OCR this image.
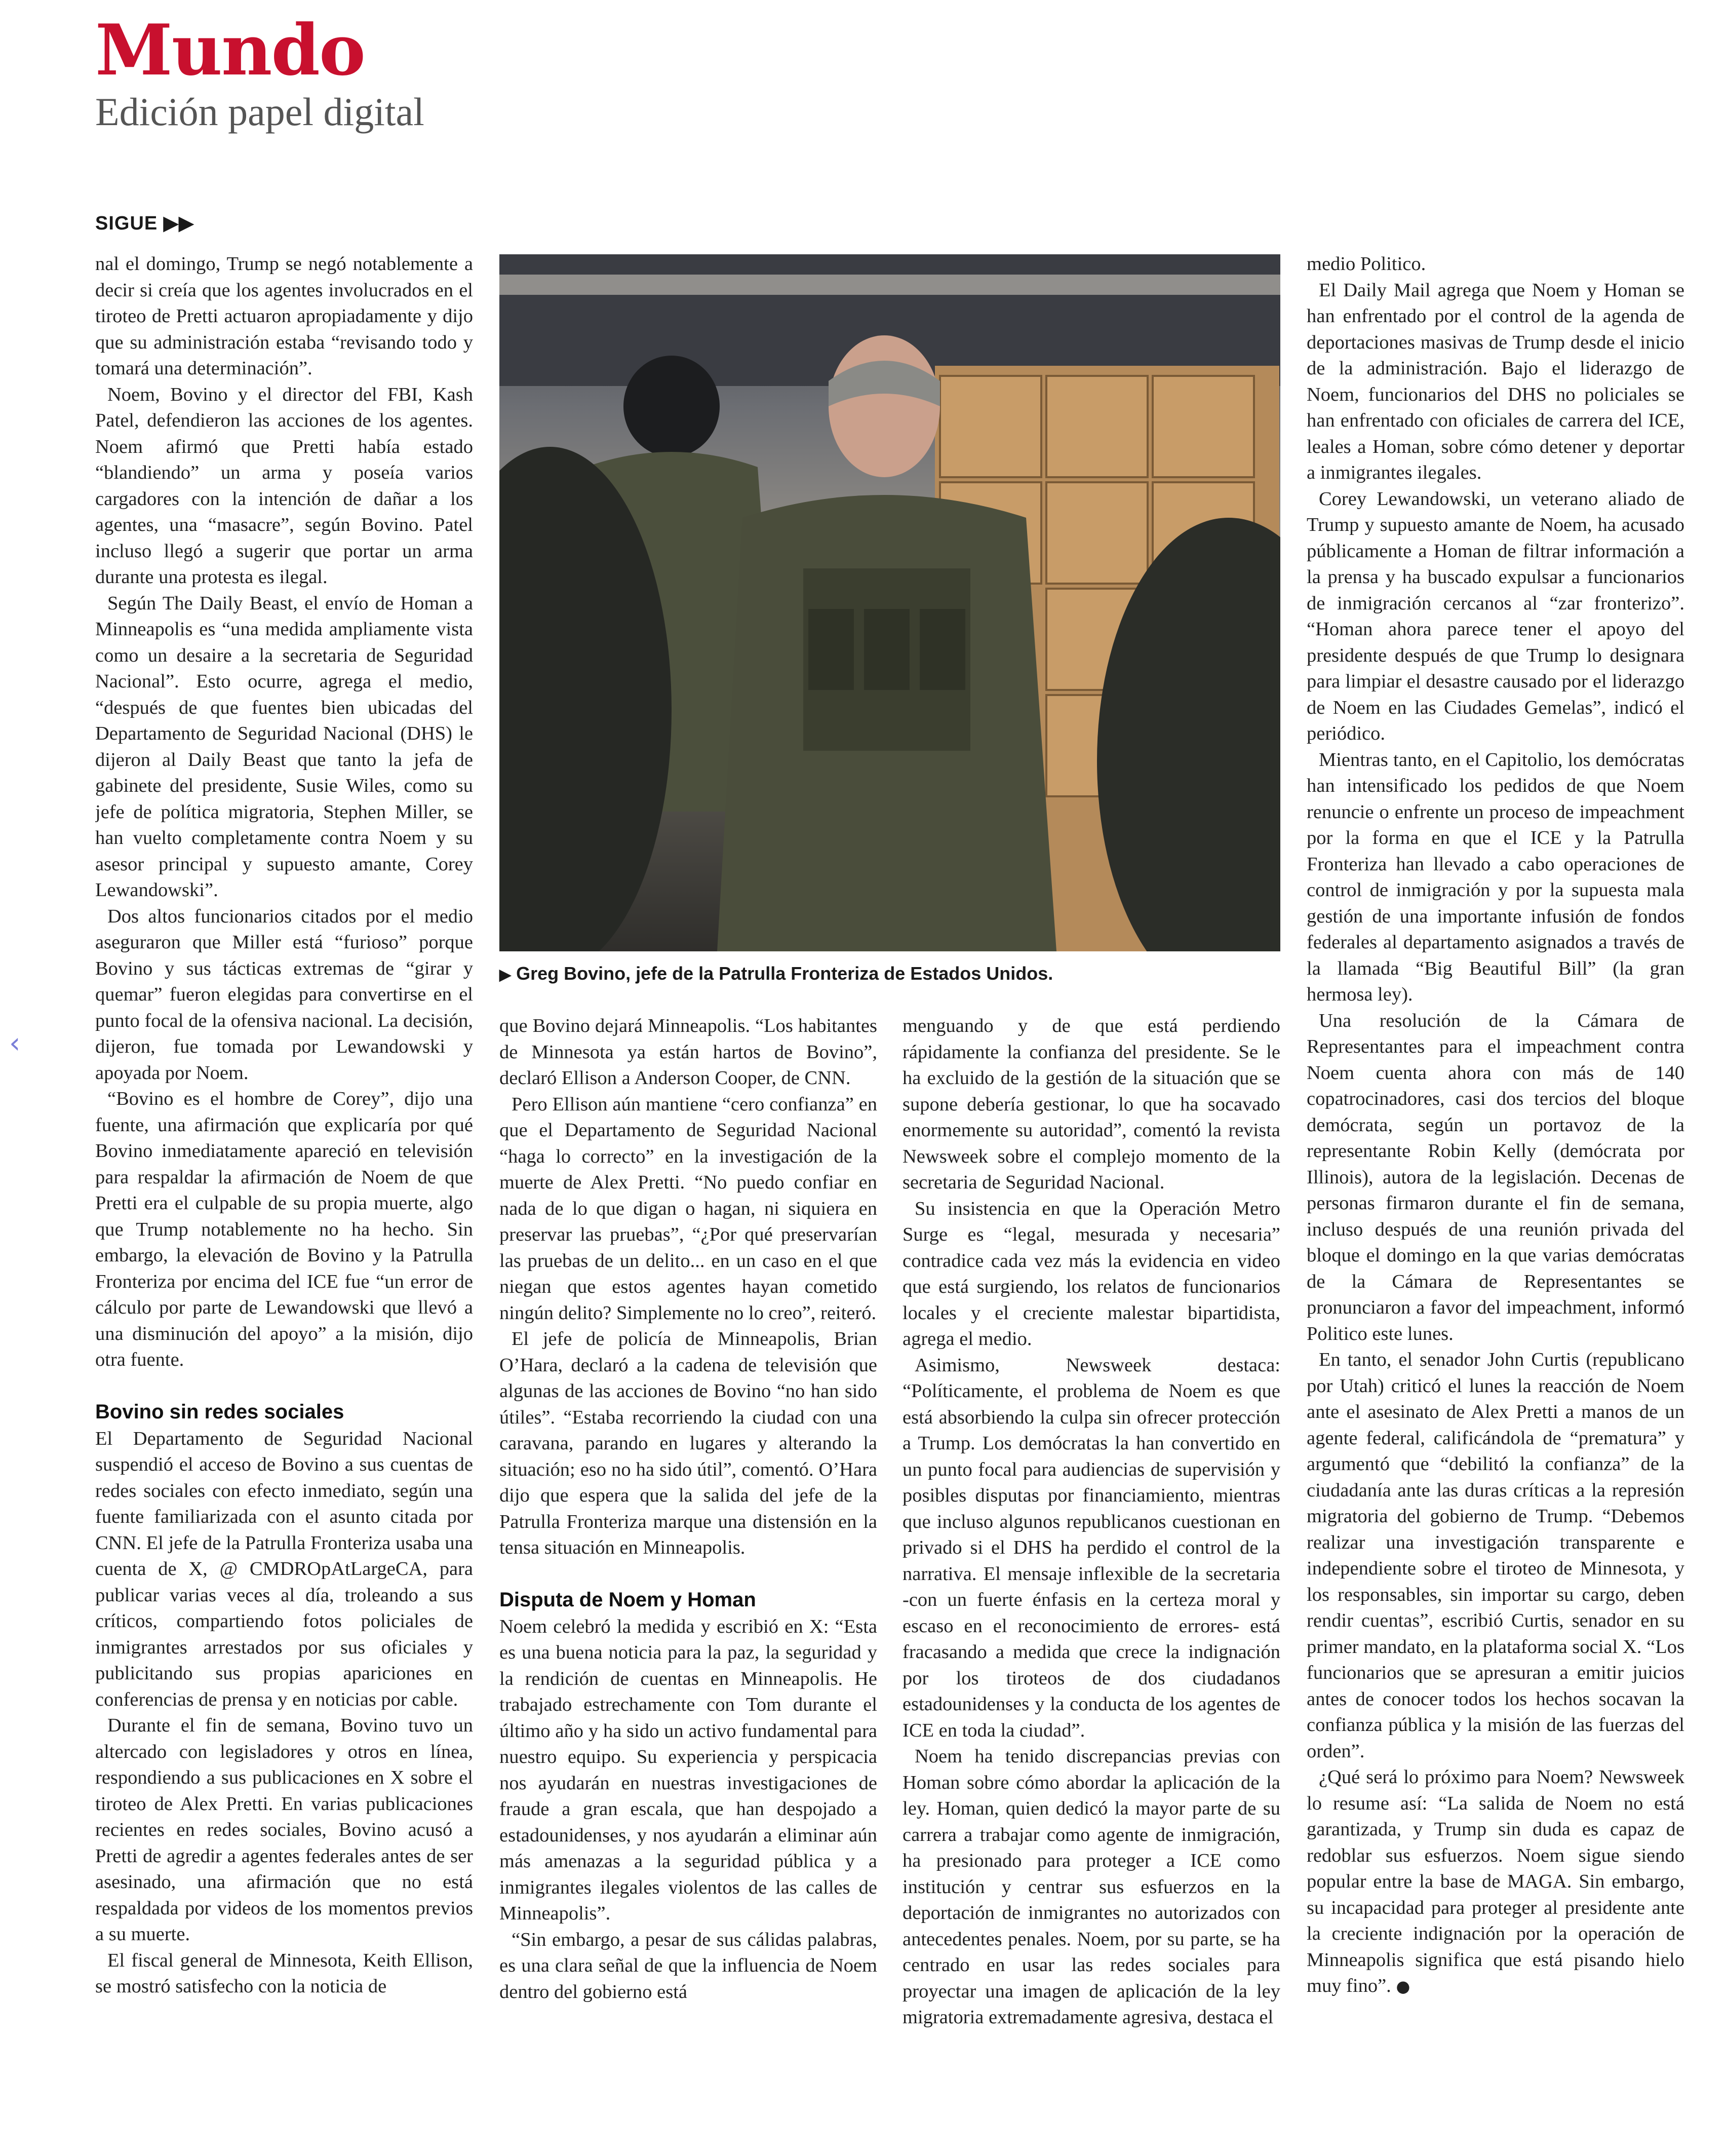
Mundo
Edición papel digital
SIGUE ▶▶
‹

nal el domingo, Trump se negó notablemente a decir si creía que los agentes involucrados en el tiroteo de Pretti actuaron apropiadamente y dijo que su administración estaba “revisando todo y tomará una determinación”.

Noem, Bovino y el director del FBI, Kash Patel, defendieron las acciones de los agentes. Noem afirmó que Pretti había estado “blandiendo” un arma y poseía varios cargadores con la intención de dañar a los agentes, una “masacre”, según Bovino. Patel incluso llegó a sugerir que portar un arma durante una protesta es ilegal.

Según The Daily Beast, el envío de Homan a Minneapolis es “una medida ampliamente vista como un desaire a la secretaria de Seguridad Nacional”. Esto ocurre, agrega el medio, “después de que fuentes bien ubicadas del Departamento de Seguridad Nacional (DHS) le dijeron al Daily Beast que tanto la jefa de gabinete del presidente, Susie Wiles, como su jefe de política migratoria, Stephen Miller, se han vuelto completamente contra Noem y su asesor principal y supuesto amante, Corey Lewandowski”.

Dos altos funcionarios citados por el medio aseguraron que Miller está “furioso” porque Bovino y sus tácticas extremas de “girar y quemar” fueron elegidas para convertirse en el punto focal de la ofensiva nacional. La decisión, dijeron, fue tomada por Lewandowski y apoyada por Noem.

“Bovino es el hombre de Corey”, dijo una fuente, una afirmación que explicaría por qué Bovino inmediatamente apareció en televisión para respaldar la afirmación de Noem de que Pretti era el culpable de su propia muerte, algo que Trump notablemente no ha hecho. Sin embargo, la elevación de Bovino y la Patrulla Fronteriza por encima del ICE fue “un error de cálculo por parte de Lewandowski que llevó a una disminución del apoyo” a la misión, dijo otra fuente.

Bovino sin redes sociales

El Departamento de Seguridad Nacional suspendió el acceso de Bovino a sus cuentas de redes sociales con efecto inmediato, según una fuente familiarizada con el asunto citada por CNN. El jefe de la Patrulla Fronteriza usaba una cuenta de X, @ CMDROpAtLargeCA, para publicar varias veces al día, troleando a sus críticos, compartiendo fotos policiales de inmigrantes arrestados por sus oficiales y publicitando sus propias apariciones en conferencias de prensa y en noticias por cable.

Durante el fin de semana, Bovino tuvo un altercado con legisladores y otros en línea, respondiendo a sus publicaciones en X sobre el tiroteo de Alex Pretti. En varias publicaciones recientes en redes sociales, Bovino acusó a Pretti de agredir a agentes federales antes de ser asesinado, una afirmación que no está respaldada por videos de los momentos previos a su muerte.

El fiscal general de Minnesota, Keith Ellison, se mostró satisfecho con la noticia de

▶ Greg Bovino, jefe de la Patrulla Fronteriza de Estados Unidos.

que Bovino dejará Minneapolis. “Los habitantes de Minnesota ya están hartos de Bovino”, declaró Ellison a Anderson Cooper, de CNN.

Pero Ellison aún mantiene “cero confianza” en que el Departamento de Seguridad Nacional “haga lo correcto” en la investigación de la muerte de Alex Pretti. “No puedo confiar en nada de lo que digan o hagan, ni siquiera en preservar las pruebas”, “¿Por qué preservarían las pruebas de un delito... en un caso en el que niegan que estos agentes hayan cometido ningún delito? Simplemente no lo creo”, reiteró.

El jefe de policía de Minneapolis, Brian O’Hara, declaró a la cadena de televisión que algunas de las acciones de Bovino “no han sido útiles”. “Estaba recorriendo la ciudad con una caravana, parando en lugares y alterando la situación; eso no ha sido útil”, comentó. O’Hara dijo que espera que la salida del jefe de la Patrulla Fronteriza marque una distensión en la tensa situación en Minneapolis.

Disputa de Noem y Homan

Noem celebró la medida y escribió en X: “Esta es una buena noticia para la paz, la seguridad y la rendición de cuentas en Minneapolis. He trabajado estrechamente con Tom durante el último año y ha sido un activo fundamental para nuestro equipo. Su experiencia y perspicacia nos ayudarán en nuestras investigaciones de fraude a gran escala, que han despojado a estadounidenses, y nos ayudarán a eliminar aún más amenazas a la seguridad pública y a inmigrantes ilegales violentos de las calles de Minneapolis”.

“Sin embargo, a pesar de sus cálidas palabras, es una clara señal de que la influencia de Noem dentro del gobierno está

menguando y de que está perdiendo rápidamente la confianza del presidente. Se le ha excluido de la gestión de la situación que se supone debería gestionar, lo que ha socavado enormemente su autoridad”, comentó la revista Newsweek sobre el complejo momento de la secretaria de Seguridad Nacional.

Su insistencia en que la Operación Metro Surge es “legal, mesurada y necesaria” contradice cada vez más la evidencia en video que está surgiendo, los relatos de funcionarios locales y el creciente malestar bipartidista, agrega el medio.

Asimismo, Newsweek destaca: “Políticamente, el problema de Noem es que está absorbiendo la culpa sin ofrecer protección a Trump. Los demócratas la han convertido en un punto focal para audiencias de supervisión y posibles disputas por financiamiento, mientras que incluso algunos republicanos cuestionan en privado si el DHS ha perdido el control de la narrativa. El mensaje inflexible de la secretaria -con un fuerte énfasis en la certeza moral y escaso en el reconocimiento de errores- está fracasando a medida que crece la indignación por los tiroteos de dos ciudadanos estadounidenses y la conducta de los agentes de ICE en toda la ciudad”.

Noem ha tenido discrepancias previas con Homan sobre cómo abordar la aplicación de la ley. Homan, quien dedicó la mayor parte de su carrera a trabajar como agente de inmigración, ha presionado para proteger a ICE como institución y centrar sus esfuerzos en la deportación de inmigrantes no autorizados con antecedentes penales. Noem, por su parte, se ha centrado en usar las redes sociales para proyectar una imagen de aplicación de la ley migratoria extremadamente agresiva, destaca el

medio Politico.

El Daily Mail agrega que Noem y Homan se han enfrentado por el control de la agenda de deportaciones masivas de Trump desde el inicio de la administración. Bajo el liderazgo de Noem, funcionarios del DHS no policiales se han enfrentado con oficiales de carrera del ICE, leales a Homan, sobre cómo detener y deportar a inmigrantes ilegales.

Corey Lewandowski, un veterano aliado de Trump y supuesto amante de Noem, ha acusado públicamente a Homan de filtrar información a la prensa y ha buscado expulsar a funcionarios de inmigración cercanos al “zar fronterizo”. “Homan ahora parece tener el apoyo del presidente después de que Trump lo designara para limpiar el desastre causado por el liderazgo de Noem en las Ciudades Gemelas”, indicó el periódico.

Mientras tanto, en el Capitolio, los demócratas han intensificado los pedidos de que Noem renuncie o enfrente un proceso de impeachment por la forma en que el ICE y la Patrulla Fronteriza han llevado a cabo operaciones de control de inmigración y por la supuesta mala gestión de una importante infusión de fondos federales al departamento asignados a través de la llamada “Big Beautiful Bill” (la gran hermosa ley).

Una resolución de la Cámara de Representantes para el impeachment contra Noem cuenta ahora con más de 140 copatrocinadores, casi dos tercios del bloque demócrata, según un portavoz de la representante Robin Kelly (demócrata por Illinois), autora de la legislación. Decenas de personas firmaron durante el fin de semana, incluso después de una reunión privada del bloque el domingo en la que varias demócratas de la Cámara de Representantes se pronunciaron a favor del impeachment, informó Politico este lunes.

En tanto, el senador John Curtis (republicano por Utah) criticó el lunes la reacción de Noem ante el asesinato de Alex Pretti a manos de un agente federal, calificándola de “prematura” y argumentó que “debilitó la confianza” de la ciudadanía ante las duras críticas a la represión migratoria del gobierno de Trump. “Debemos realizar una investigación transparente e independiente sobre el tiroteo de Minnesota, y los responsables, sin importar su cargo, deben rendir cuentas”, escribió Curtis, senador en su primer mandato, en la plataforma social X. “Los funcionarios que se apresuran a emitir juicios antes de conocer todos los hechos socavan la confianza pública y la misión de las fuerzas del orden”.

¿Qué será lo próximo para Noem? Newsweek lo resume así: “La salida de Noem no está garantizada, y Trump sin duda es capaz de redoblar sus esfuerzos. Noem sigue siendo popular entre la base de MAGA. Sin embargo, su incapacidad para proteger al presidente ante la creciente indignación por la operación de Minneapolis significa que está pisando hielo muy fino”. ●
